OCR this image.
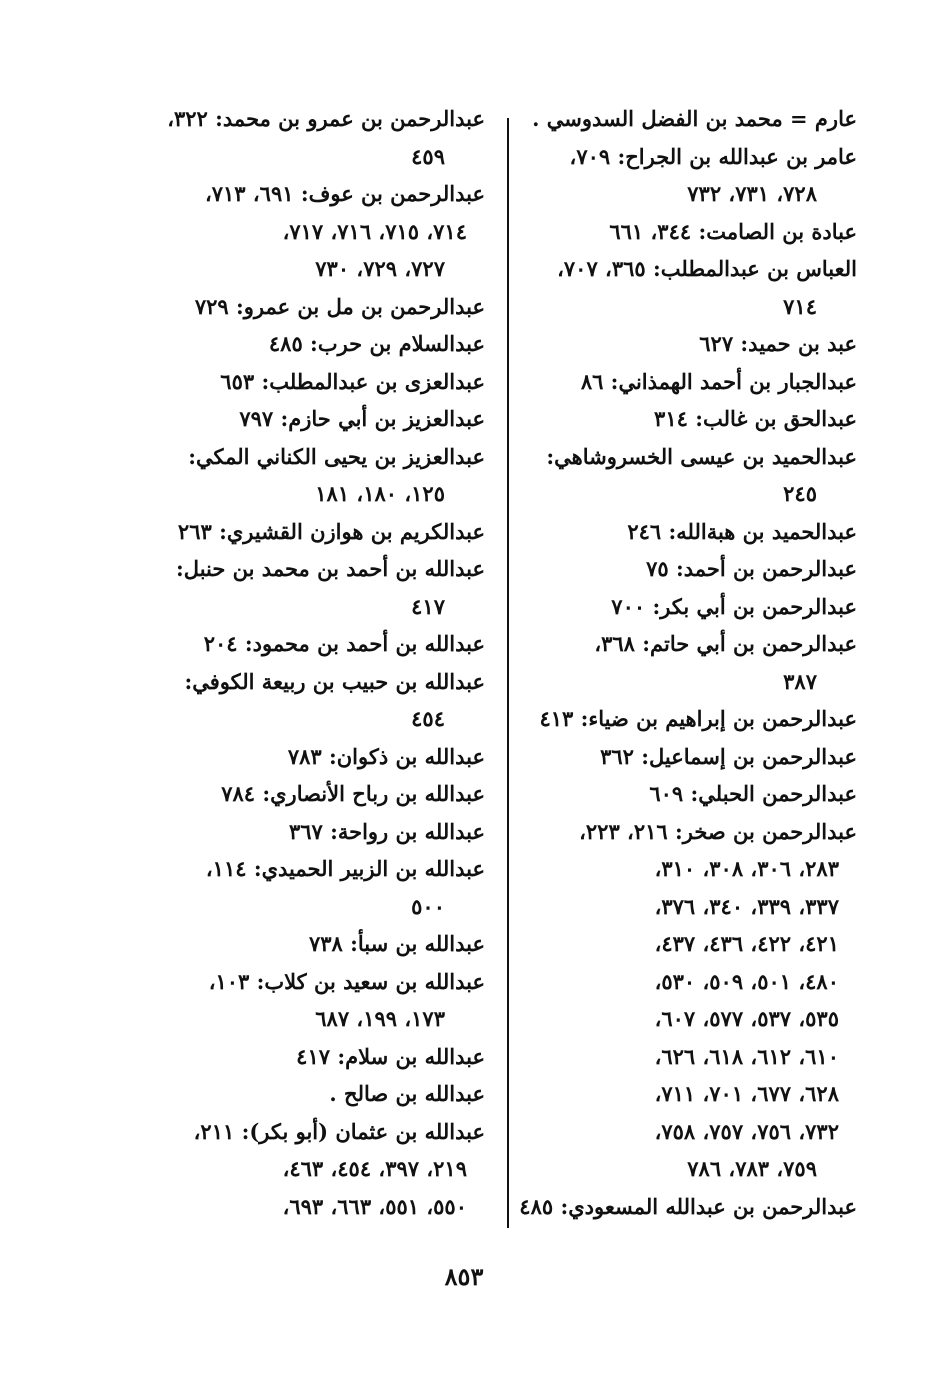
عارم = محمد بن الفضل السدوسي .
عامر بن عبدالله بن الجراح: ٧٠٩،
٧٢٨، ٧٣١، ٧٣٢
عبادة بن الصامت: ٣٤٤، ٦٦١
العباس بن عبدالمطلب: ٣٦٥، ٧٠٧،
٧١٤
عبد بن حميد: ٦٢٧
عبدالجبار بن أحمد الهمذاني: ٨٦
عبدالحق بن غالب: ٣١٤
عبدالحميد بن عيسى الخسروشاهي:
٢٤٥
عبدالحميد بن هبةالله: ٢٤٦
عبدالرحمن بن أحمد: ٧٥
عبدالرحمن بن أبي بكر: ٧٠٠
عبدالرحمن بن أبي حاتم: ٣٦٨،
٣٨٧
عبدالرحمن بن إبراهيم بن ضياء: ٤١٣
عبدالرحمن بن إسماعيل: ٣٦٢
عبدالرحمن الحبلي: ٦٠٩
عبدالرحمن بن صخر: ٢١٦، ٢٢٣،
٢٨٣، ٣٠٦، ٣٠٨، ٣١٠،
٣٣٧، ٣٣٩، ٣٤٠، ٣٧٦،
٤٢١، ٤٢٢، ٤٣٦، ٤٣٧،
٤٨٠، ٥٠١، ٥٠٩، ٥٣٠،
٥٣٥، ٥٣٧، ٥٧٧، ٦٠٧،
٦١٠، ٦١٢، ٦١٨، ٦٢٦،
٦٢٨، ٦٧٧، ٧٠١، ٧١١،
٧٣٢، ٧٥٦، ٧٥٧، ٧٥٨،
٧٥٩، ٧٨٣، ٧٨٦
عبدالرحمن بن عبدالله المسعودي: ٤٨٥
عبدالرحمن بن عمرو بن محمد: ٣٢٢،
٤٥٩
عبدالرحمن بن عوف: ٦٩١، ٧١٣،
٧١٤، ٧١٥، ٧١٦، ٧١٧،
٧٢٧، ٧٢٩، ٧٣٠
عبدالرحمن بن مل بن عمرو: ٧٢٩
عبدالسلام بن حرب: ٤٨٥
عبدالعزى بن عبدالمطلب: ٦٥٣
عبدالعزيز بن أبي حازم: ٧٩٧
عبدالعزيز بن يحيى الكناني المكي:
١٢٥، ١٨٠، ١٨١
عبدالكريم بن هوازن القشيري: ٢٦٣
عبدالله بن أحمد بن محمد بن حنبل:
٤١٧
عبدالله بن أحمد بن محمود: ٢٠٤
عبدالله بن حبيب بن ربيعة الكوفي:
٤٥٤
عبدالله بن ذكوان: ٧٨٣
عبدالله بن رباح الأنصاري: ٧٨٤
عبدالله بن رواحة: ٣٦٧
عبدالله بن الزبير الحميدي: ١١٤،
٥٠٠
عبدالله بن سبأ: ٧٣٨
عبدالله بن سعيد بن كلاب: ١٠٣،
١٧٣، ١٩٩، ٦٨٧
عبدالله بن سلام: ٤١٧
عبدالله بن صالح .
عبدالله بن عثمان (أبو بكر): ٢١١،
٢١٩، ٣٩٧، ٤٥٤، ٤٦٣،
٥٥٠، ٥٥١، ٦٦٣، ٦٩٣،
٨٥٣
